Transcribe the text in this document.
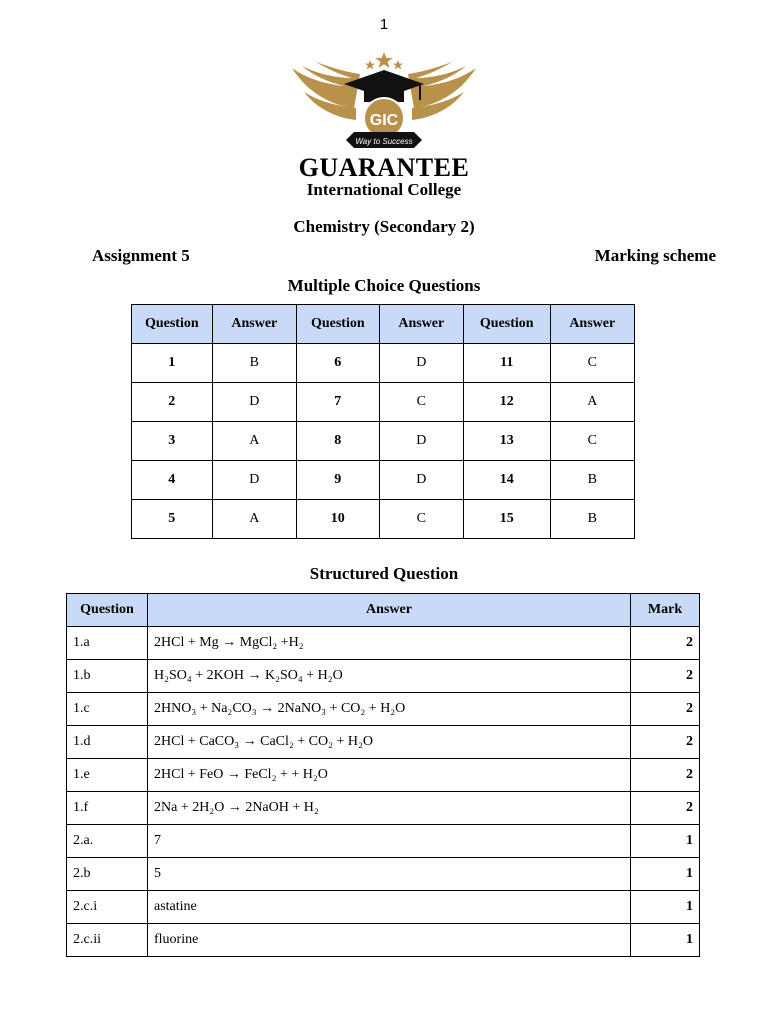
1
GIC
Way to Success
GUARANTEE
International College
Chemistry (Secondary 2)
Assignment 5	Marking scheme
Multiple Choice Questions
Question	Answer	Question	Answer	Question	Answer
1	B	6	D	11	C
2	D	7	C	12	A
3	A	8	D	13	C
4	D	9	D	14	B
5	A	10	C	15	B
Structured Question
Question	Answer	Mark
1.a	2HCl + Mg → MgCl₂ +H₂	2
1.b	H₂SO₄ + 2KOH → K₂SO₄ + H₂O	2
1.c	2HNO₃ + Na₂CO₃ → 2NaNO₃ + CO₂ + H₂O	2
1.d	2HCl + CaCO₃ → CaCl₂ + CO₂ + H₂O	2
1.e	2HCl + FeO → FeCl₂ + + H₂O	2
1.f	2Na + 2H₂O → 2NaOH + H₂	2
2.a.	7	1
2.b	5	1
2.c.i	astatine	1
2.c.ii	fluorine	1
